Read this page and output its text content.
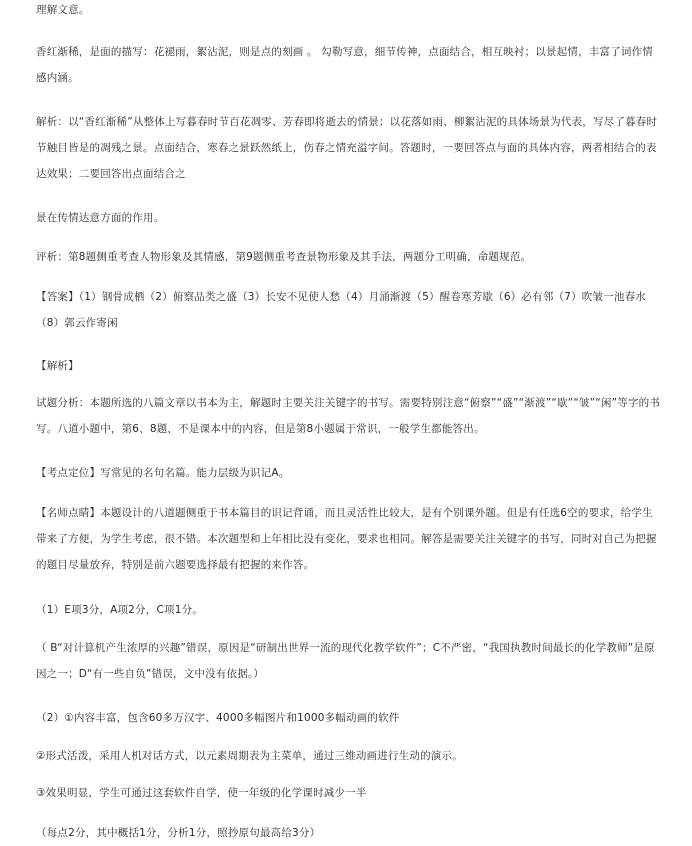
理解文意。
香红渐稀，是面的描写：花褪雨，絮沾泥，则是点的刻画 。 勾勒写意，细节传神，点面结合，相互映衬；以景起情，丰富了词作情感内涵。
解析：以“香红渐稀”从整体上写暮春时节百花凋零、芳春即将逝去的情景；以花落如雨、柳絮沾泥的具体场景为代表，写尽了暮春时节触目皆是的凋残之景。点面结合，寒春之景跃然纸上，伤春之情充溢字间。答题时，一要回答点与面的具体内容，两者相结合的表达效果；二要回答出点面结合之
景在传情达意方面的作用。
评析：第8题侧重考查人物形象及其情感，第9题侧重考查景物形象及其手法，两题分工明确，命题规范。
【答案】（1）钢骨成栖（2）俯察品类之盛（3）长安不见使人愁（4）月涌渐渡（5）醒卷寒芳歇（6）必有邻（7）吹皱一池春水（8）郭云作寄闲
【解析】
试题分析：本题所选的八篇文章以书本为主，解题时主要关注关键字的书写。需要特别注意“俯察”“盛”“渐渡”“歇”“皱”“闲”等字的书写。八道小题中，第6、8题，不是课本中的内容，但是第8小题属于常识，一般学生都能答出。
【考点定位】写常见的名句名篇。能力层级为识记A。
【名师点睛】本题设计的八道题侧重于书本篇目的识记背诵，而且灵活性比较大，是有个别课外题。但是有任选6空的要求，给学生带来了方便，为学生考虑，很不错。本次题型和上年相比没有变化，要求也相同。解答是需要关注关键字的书写，同时对自己为把握的题目尽量放弃，特别是前六题要选择最有把握的来作答。
（1）E项3分，A项2分，C项1分。
（ B“对计算机产生浓厚的兴趣”错误，原因是“研制出世界一流的现代化教学软件”；C不严密，“我国执教时间最长的化学教师”是原因之一；D“有一些自负”错误，文中没有依据。）
（2）①内容丰富，包含60多万汉字、4000多幅图片和1000多幅动画的软件
②形式活泼，采用人机对话方式，以元素周期表为主菜单，通过三维动画进行生动的演示。
③效果明显，学生可通过这套软件自学，使一年级的化学课时减少一半
（每点2分，其中概括1分，分析1分，照抄原句最高给3分）
